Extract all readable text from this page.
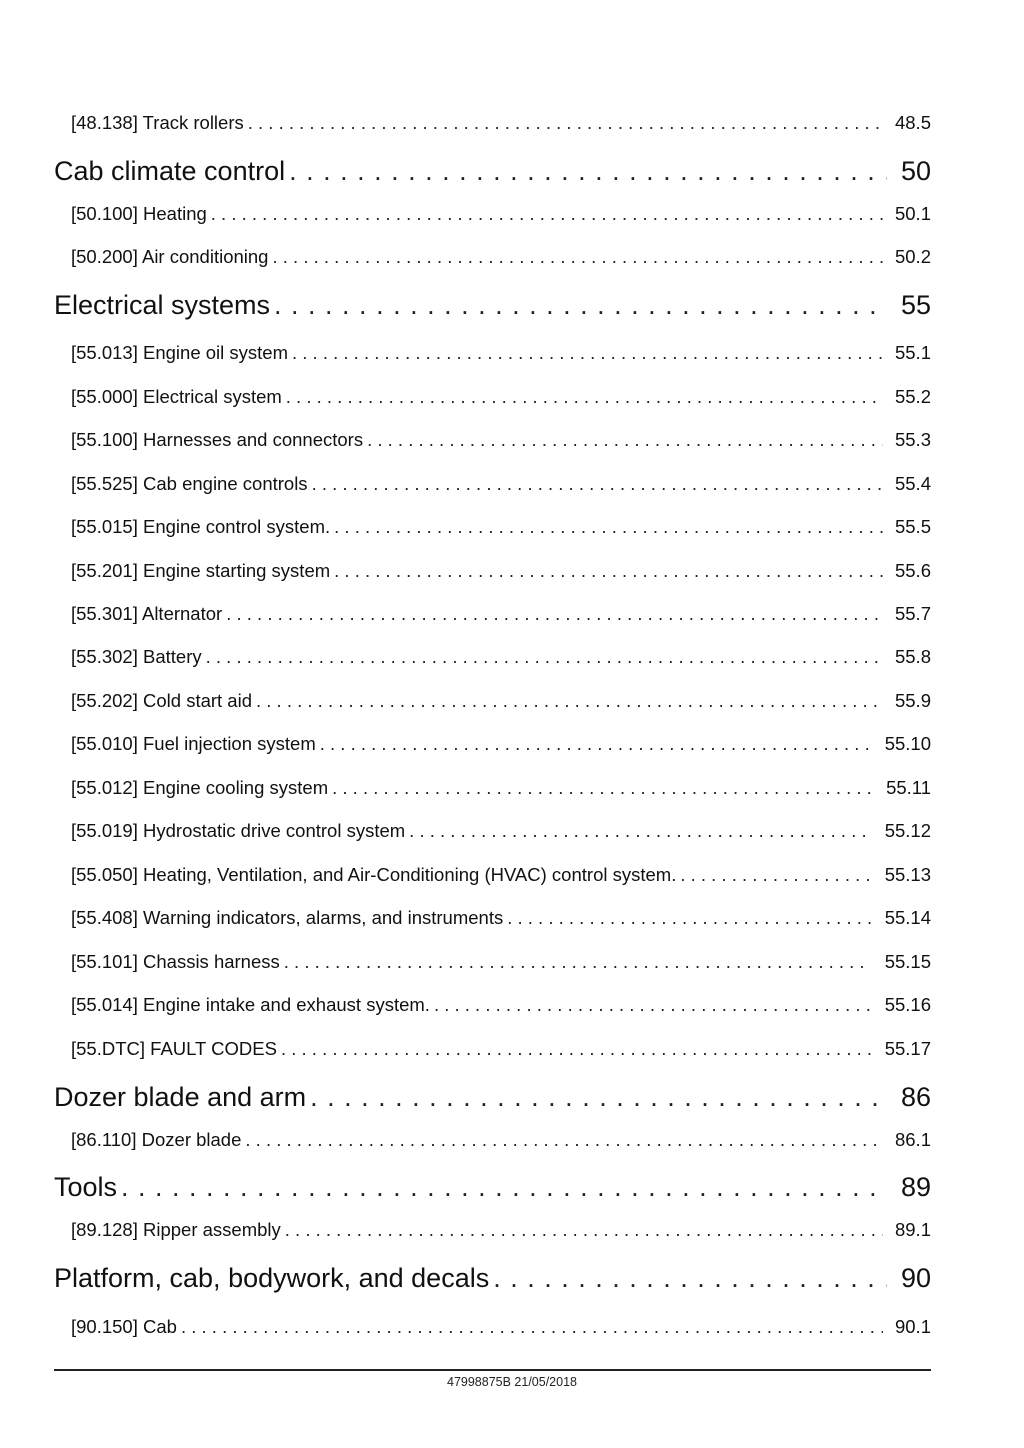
[48.138] Track rollers . . .	48.5
Cab climate control . . .	50
[50.100] Heating . . .	50.1
[50.200] Air conditioning . . .	50.2
Electrical systems . . .	55
[55.013] Engine oil system . . .	55.1
[55.000] Electrical system . . .	55.2
[55.100] Harnesses and connectors . . .	55.3
[55.525] Cab engine controls . . .	55.4
[55.015] Engine control system. . . .	55.5
[55.201] Engine starting system . . .	55.6
[55.301] Alternator . . .	55.7
[55.302] Battery . . .	55.8
[55.202] Cold start aid . . .	55.9
[55.010] Fuel injection system . . .	55.10
[55.012] Engine cooling system . . .	55.11
[55.019] Hydrostatic drive control system . . .	55.12
[55.050] Heating, Ventilation, and Air-Conditioning (HVAC) control system. . . .	55.13
[55.408] Warning indicators, alarms, and instruments . . .	55.14
[55.101] Chassis harness . . .	55.15
[55.014] Engine intake and exhaust system. . . .	55.16
[55.DTC] FAULT CODES . . .	55.17
Dozer blade and arm . . .	86
[86.110] Dozer blade . . .	86.1
Tools . . .	89
[89.128] Ripper assembly . . .	89.1
Platform, cab, bodywork, and decals . . .	90
[90.150] Cab . . .	90.1
47998875B 21/05/2018
